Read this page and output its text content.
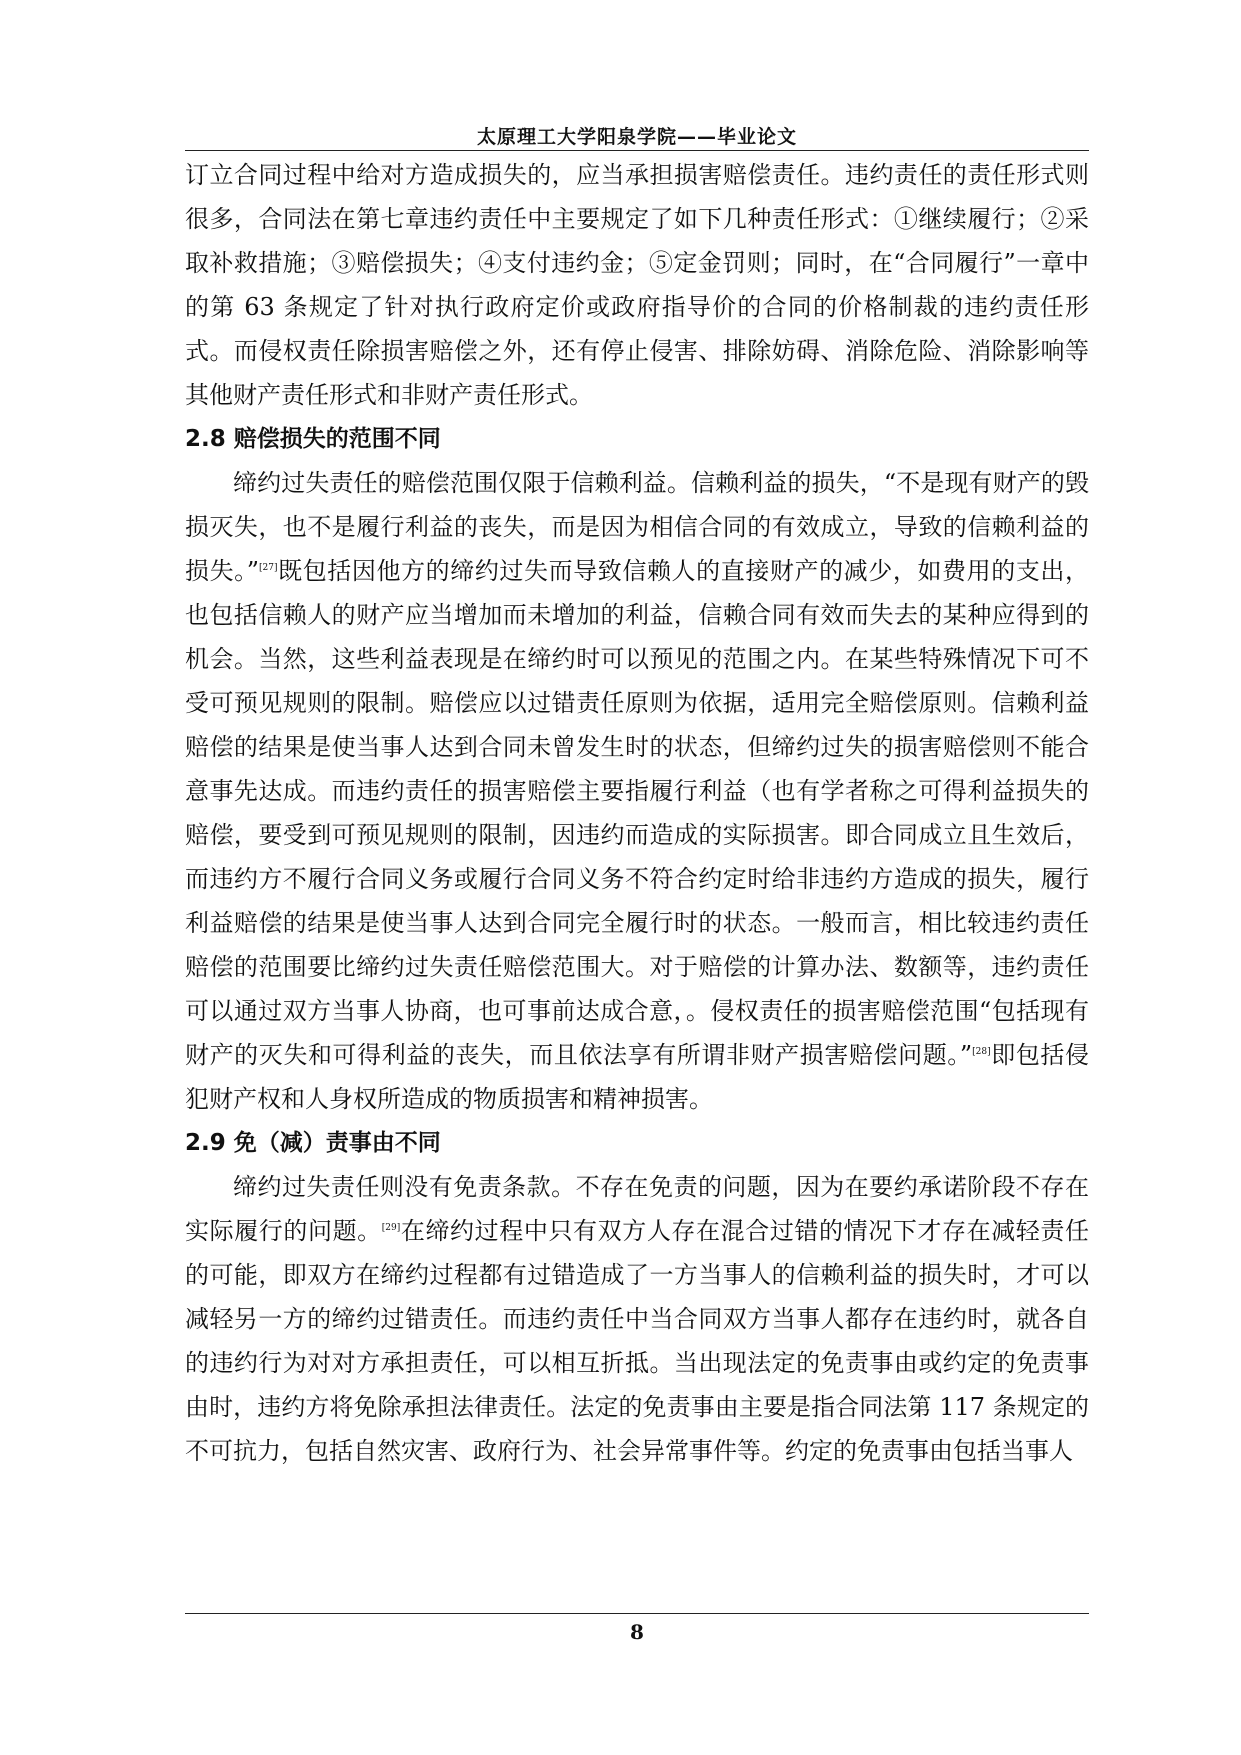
太原理工大学阳泉学院——毕业论文

订立合同过程中给对方造成损失的，应当承担损害赔偿责任。违约责任的责任形式则很多，合同法在第七章违约责任中主要规定了如下几种责任形式：①继续履行；②采取补救措施；③赔偿损失；④支付违约金；⑤定金罚则；同时，在“合同履行”一章中的第 63 条规定了针对执行政府定价或政府指导价的合同的价格制裁的违约责任形式。而侵权责任除损害赔偿之外，还有停止侵害、排除妨碍、消除危险、消除影响等其他财产责任形式和非财产责任形式。

2.8 赔偿损失的范围不同

缔约过失责任的赔偿范围仅限于信赖利益。信赖利益的损失，“不是现有财产的毁损灭失，也不是履行利益的丧失，而是因为相信合同的有效成立，导致的信赖利益的损失。”[27]既包括因他方的缔约过失而导致信赖人的直接财产的减少，如费用的支出，也包括信赖人的财产应当增加而未增加的利益，信赖合同有效而失去的某种应得到的机会。当然，这些利益表现是在缔约时可以预见的范围之内。在某些特殊情况下可不受可预见规则的限制。赔偿应以过错责任原则为依据，适用完全赔偿原则。信赖利益赔偿的结果是使当事人达到合同未曾发生时的状态，但缔约过失的损害赔偿则不能合意事先达成。而违约责任的损害赔偿主要指履行利益（也有学者称之可得利益损失的赔偿，要受到可预见规则的限制，因违约而造成的实际损害。即合同成立且生效后，而违约方不履行合同义务或履行合同义务不符合约定时给非违约方造成的损失，履行利益赔偿的结果是使当事人达到合同完全履行时的状态。一般而言，相比较违约责任赔偿的范围要比缔约过失责任赔偿范围大。对于赔偿的计算办法、数额等，违约责任可以通过双方当事人协商，也可事前达成合意，。侵权责任的损害赔偿范围“包括现有财产的灭失和可得利益的丧失，而且依法享有所谓非财产损害赔偿问题。”[28]即包括侵犯财产权和人身权所造成的物质损害和精神损害。

2.9 免（减）责事由不同

缔约过失责任则没有免责条款。不存在免责的问题，因为在要约承诺阶段不存在实际履行的问题。[29]在缔约过程中只有双方人存在混合过错的情况下才存在减轻责任的可能，即双方在缔约过程都有过错造成了一方当事人的信赖利益的损失时，才可以减轻另一方的缔约过错责任。而违约责任中当合同双方当事人都存在违约时，就各自的违约行为对对方承担责任，可以相互折抵。当出现法定的免责事由或约定的免责事由时，违约方将免除承担法律责任。法定的免责事由主要是指合同法第 117 条规定的不可抗力，包括自然灾害、政府行为、社会异常事件等。约定的免责事由包括当事人

8
